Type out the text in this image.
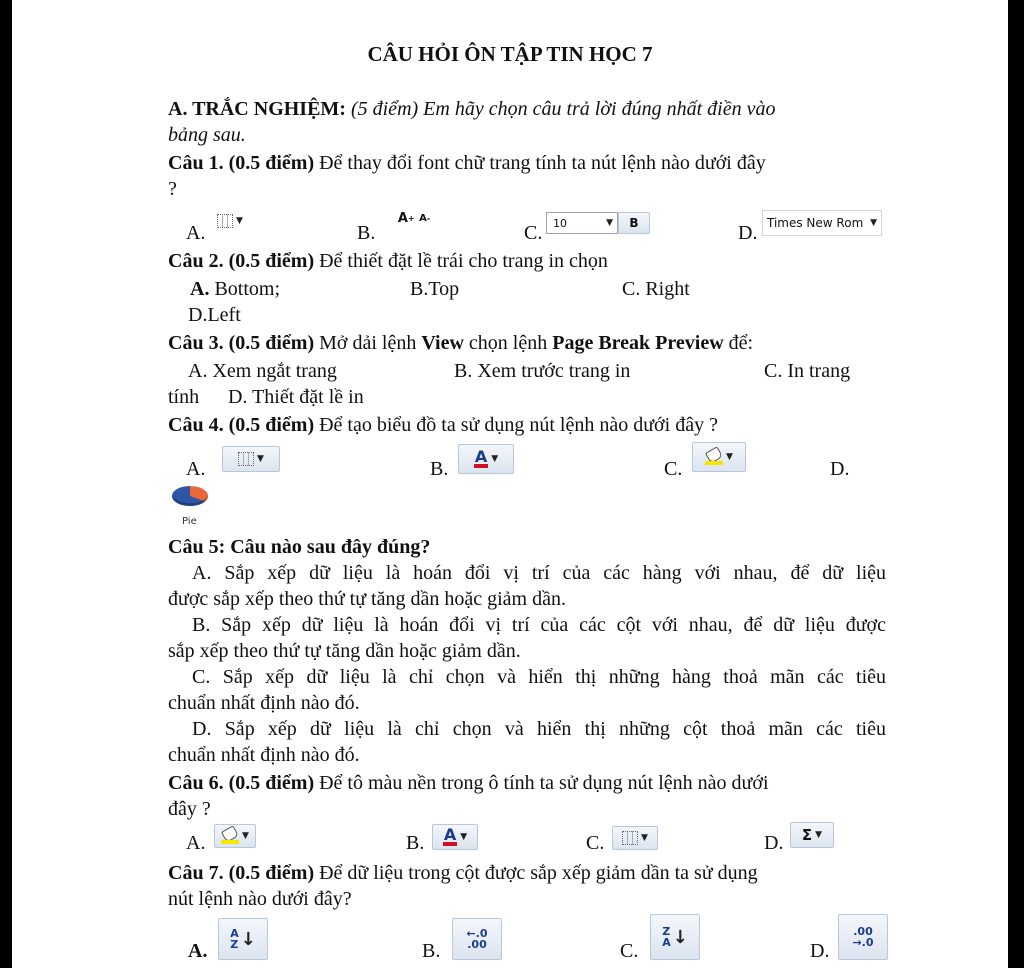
CÂU HỎI ÔN TẬP TIN HỌC 7
A. TRẮC NGHIỆM: (5 điểm) Em hãy chọn câu trả lời đúng nhất điền vào
bảng sau.
Câu 1. (0.5 điểm) Để thay đổi font chữ trang tính ta nút lệnh nào dưới đây
?
A.
▼
B.
A +
A -
C. 10	▼	B	D. Times New Rom ▼
Câu 2. (0.5 điểm) Để thiết đặt lề trái cho trang in chọn
A. Bottom;	B.Top	C. Right
D.Left
Câu 3. (0.5 điểm) Mở dải lệnh View chọn lệnh Page Break Preview để:
A. Xem ngắt trang	B. Xem trước trang in	C. In trang
tính D. Thiết đặt lề in
Câu 4. (0.5 điểm) Để tạo biểu đồ ta sử dụng nút lệnh nào dưới đây ?
A.	▼	B.
A ▼	C.
▼
D.
Pie
Câu 5: Câu nào sau đây đúng?
A. Sắp xếp dữ liệu là hoán đổi vị trí của các hàng với nhau, để dữ liệu
được sắp xếp theo thứ tự tăng dần hoặc giảm dần.
B. Sắp xếp dữ liệu là hoán đổi vị trí của các cột với nhau, để dữ liệu được
sắp xếp theo thứ tự tăng dần hoặc giảm dần.
C. Sắp xếp dữ liệu là chỉ chọn và hiển thị những hàng thoả mãn các tiêu
chuẩn nhất định nào đó.
D. Sắp xếp dữ liệu là chỉ chọn và hiển thị những cột thoả mãn các tiêu
chuẩn nhất định nào đó.
Câu 6. (0.5 điểm) Để tô màu nền trong ô tính ta sử dụng nút lệnh nào dưới
đây ?
A.	▼	B. A ▼	C.	▼	D. Σ ▼
Câu 7. (0.5 điểm) Để dữ liệu trong cột được sắp xếp giảm dần ta sử dụng
nút lệnh nào dưới đây?
A.
A
Z ↓
B.
←.0
.00	C.
Z
A ↓
D.
.00
→.0
